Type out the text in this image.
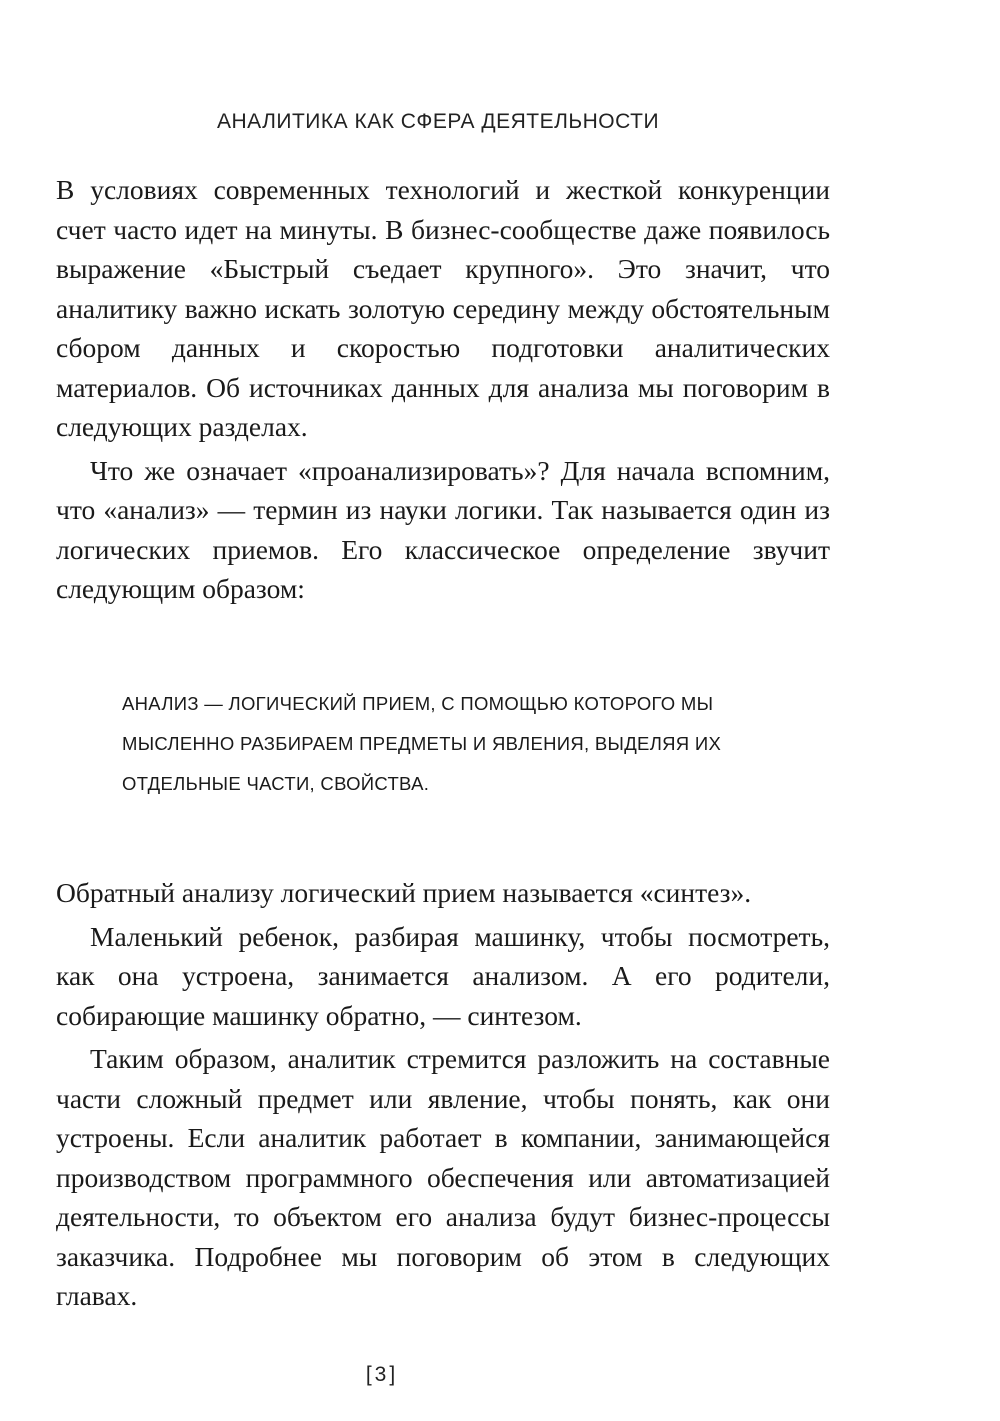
АНАЛИТИКА КАК СФЕРА ДЕЯТЕЛЬНОСТИ

В условиях современных технологий и жесткой конкуренции счет часто идет на минуты. В бизнес-сообществе даже появилось выражение «Быстрый съедает крупного». Это значит, что аналитику важно искать золотую середину между обстоятельным сбором данных и скоростью подготовки аналитических материалов. Об источниках данных для анализа мы поговорим в следующих разделах.

Что же означает «проанализировать»? Для начала вспомним, что «анализ» — термин из науки логики. Так называется один из логических приемов. Его классическое определение звучит следующим образом:

АНАЛИЗ — ЛОГИЧЕСКИЙ ПРИЕМ, С ПОМОЩЬЮ КОТОРОГО МЫ МЫСЛЕННО РАЗБИРАЕМ ПРЕДМЕТЫ И ЯВЛЕНИЯ, ВЫДЕЛЯЯ ИХ ОТДЕЛЬНЫЕ ЧАСТИ, СВОЙСТВА.

Обратный анализу логический прием называется «синтез».

Маленький ребенок, разбирая машинку, чтобы посмотреть, как она устроена, занимается анализом. А его родители, собирающие машинку обратно, — синтезом.

Таким образом, аналитик стремится разложить на составные части сложный предмет или явление, чтобы понять, как они устроены. Если аналитик работает в компании, занимающейся производством программного обеспечения или автоматизацией деятельности, то объектом его анализа будут бизнес-процессы заказчика. Подробнее мы поговорим об этом в следующих главах.

[3]
